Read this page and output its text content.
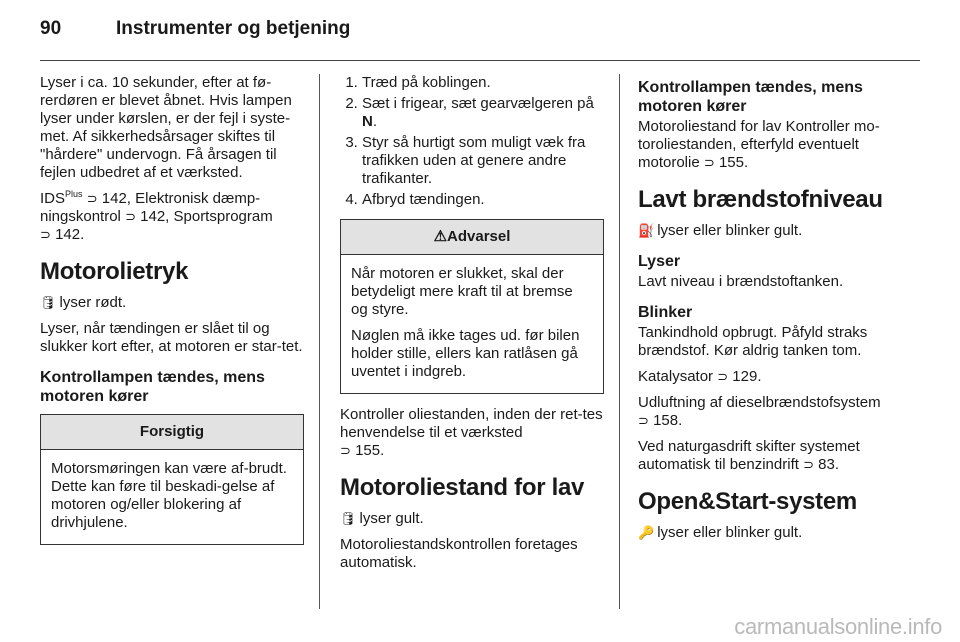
90	Instrumenter og betjening

Lyser i ca. 10 sekunder, efter at fø-rerdøren er blevet åbnet. Hvis lampen lyser under kørslen, er der fejl i syste-met. Af sikkerhedsårsager skiftes til "hårdere" undervogn. Få årsagen til fejlen udbedret af et værksted.

$IDS^{Plus}$ ⊃ 142, Elektronisk dæmp-ningskontrol ⊃ 142, Sportsprogram
⊃ 142.

Motorolietryk

🛢 lyser rødt.

Lyser, når tændingen er slået til og slukker kort efter, at motoren er star-tet.

Kontrollampen tændes, mens motoren kører
Forsigtig

Motorsmøringen kan være af-brudt. Dette kan føre til beskadi-gelse af motoren og/eller blokering af drivhjulene.

1. Træd på koblingen.
2. Sæt i frigear, sæt gearvælgeren på N.
3. Styr så hurtigt som muligt væk fra trafikken uden at genere andre trafikanter.
4. Afbryd tændingen.
⚠Advarsel

Når motoren er slukket, skal der betydeligt mere kraft til at bremse og styre.

Nøglen må ikke tages ud. før bilen holder stille, ellers kan ratlåsen gå uventet i indgreb.

Kontroller oliestanden, inden der ret-tes henvendelse til et værksted
⊃ 155.

Motoroliestand for lav

🛢 lyser gult.

Motoroliestandskontrollen foretages automatisk.

Kontrollampen tændes, mens motoren kører

Motoroliestand for lav Kontroller mo-toroliestanden, efterfyld eventuelt motorolie ⊃ 155.

Lavt brændstofniveau

⛽ lyser eller blinker gult.

Lyser

Lavt niveau i brændstoftanken.

Blinker

Tankindhold opbrugt. Påfyld straks brændstof. Kør aldrig tanken tom.

Katalysator ⊃ 129.

Udluftning af dieselbrændstofsystem
⊃ 158.

Ved naturgasdrift skifter systemet automatisk til benzindrift ⊃ 83.

Open&Start-system

🔑 lyser eller blinker gult.

carmanualsonline.info
